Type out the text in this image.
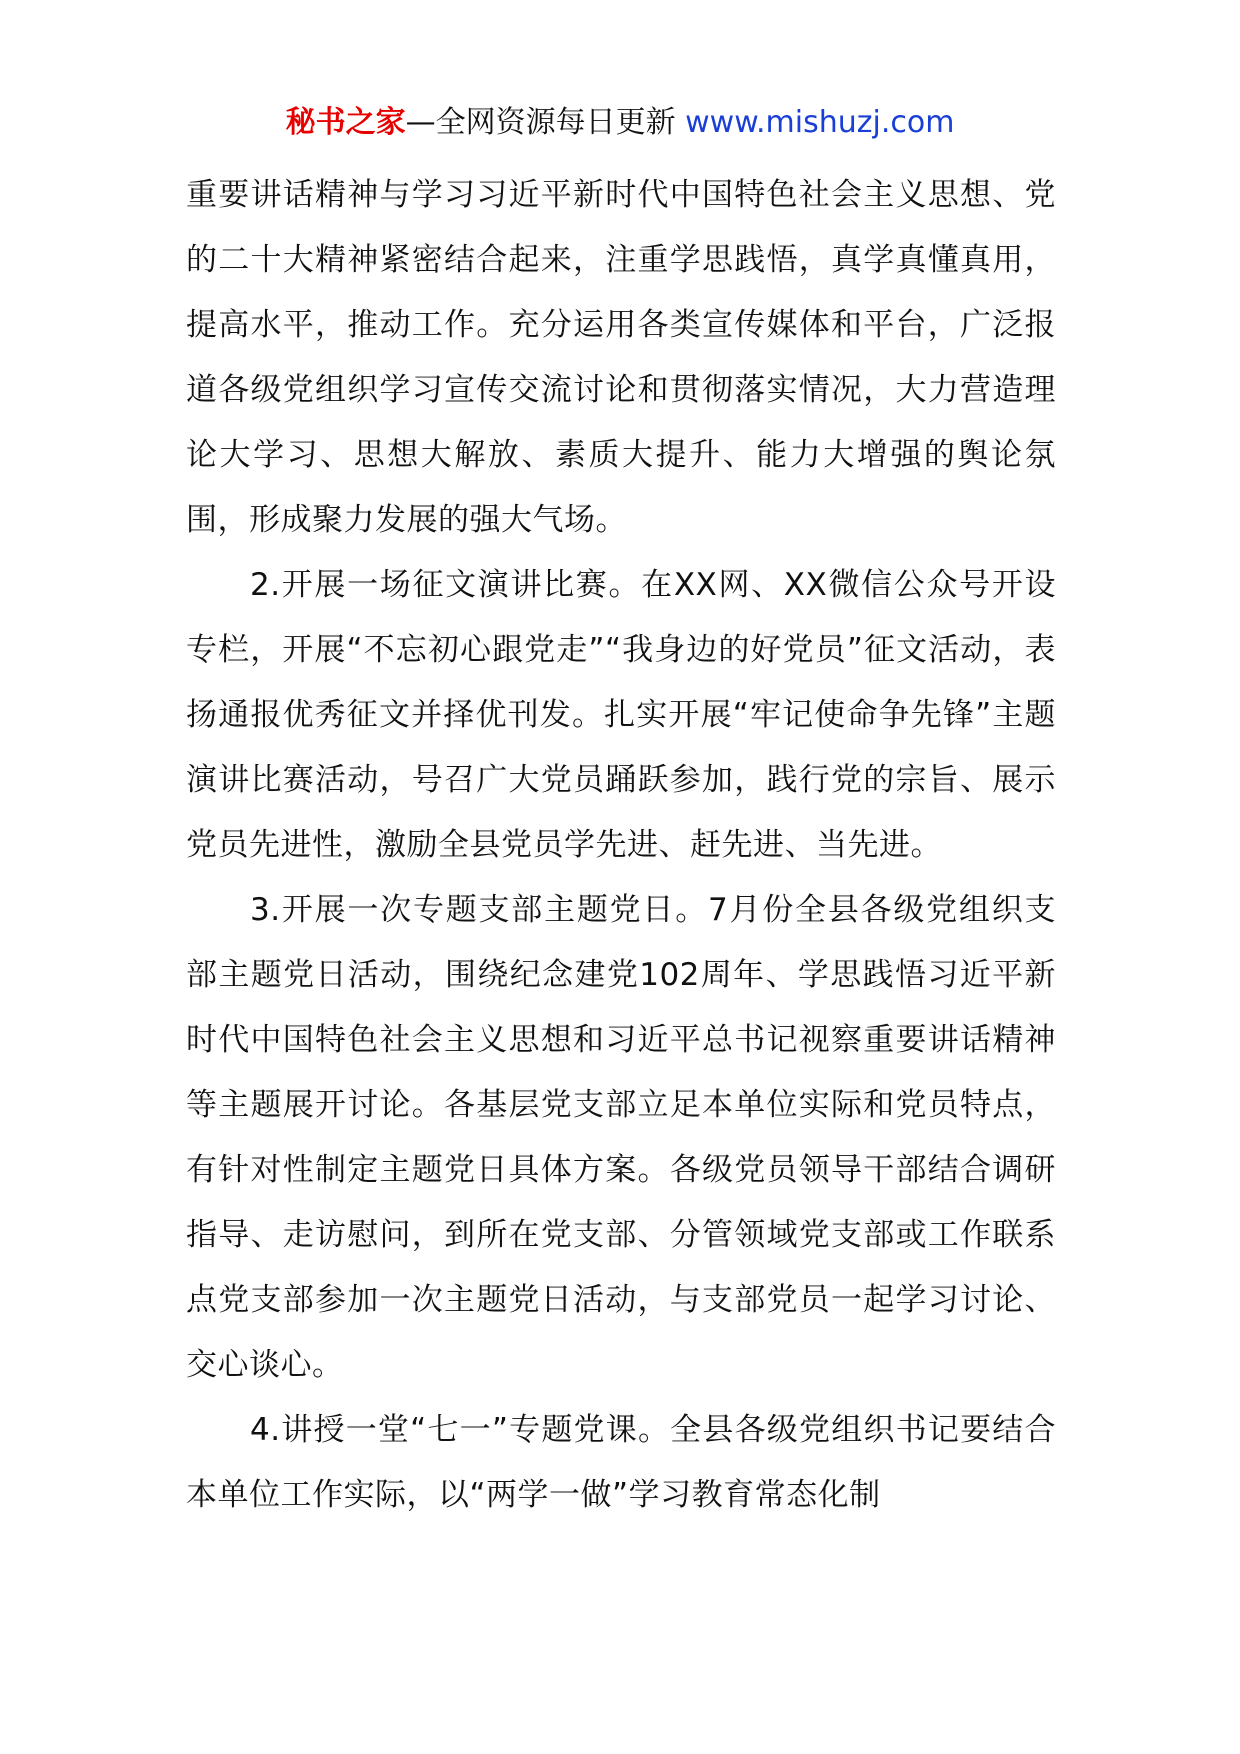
秘书之家—全网资源每日更新 www.mishuzj.com

重要讲话精神与学习习近平新时代中国特色社会主义思想、党的二十大精神紧密结合起来，注重学思践悟，真学真懂真用，提高水平，推动工作。充分运用各类宣传媒体和平台，广泛报道各级党组织学习宣传交流讨论和贯彻落实情况，大力营造理论大学习、思想大解放、素质大提升、能力大增强的舆论氛围，形成聚力发展的强大气场。

2.开展一场征文演讲比赛。在XX网、XX微信公众号开设专栏，开展“不忘初心跟党走”“我身边的好党员”征文活动，表扬通报优秀征文并择优刊发。扎实开展“牢记使命争先锋”主题演讲比赛活动，号召广大党员踊跃参加，践行党的宗旨、展示党员先进性，激励全县党员学先进、赶先进、当先进。

3.开展一次专题支部主题党日。7月份全县各级党组织支部主题党日活动，围绕纪念建党102周年、学思践悟习近平新时代中国特色社会主义思想和习近平总书记视察重要讲话精神等主题展开讨论。各基层党支部立足本单位实际和党员特点，有针对性制定主题党日具体方案。各级党员领导干部结合调研指导、走访慰问，到所在党支部、分管领域党支部或工作联系点党支部参加一次主题党日活动，与支部党员一起学习讨论、交心谈心。

4.讲授一堂“七一”专题党课。全县各级党组织书记要结合本单位工作实际，以“两学一做”学习教育常态化制
